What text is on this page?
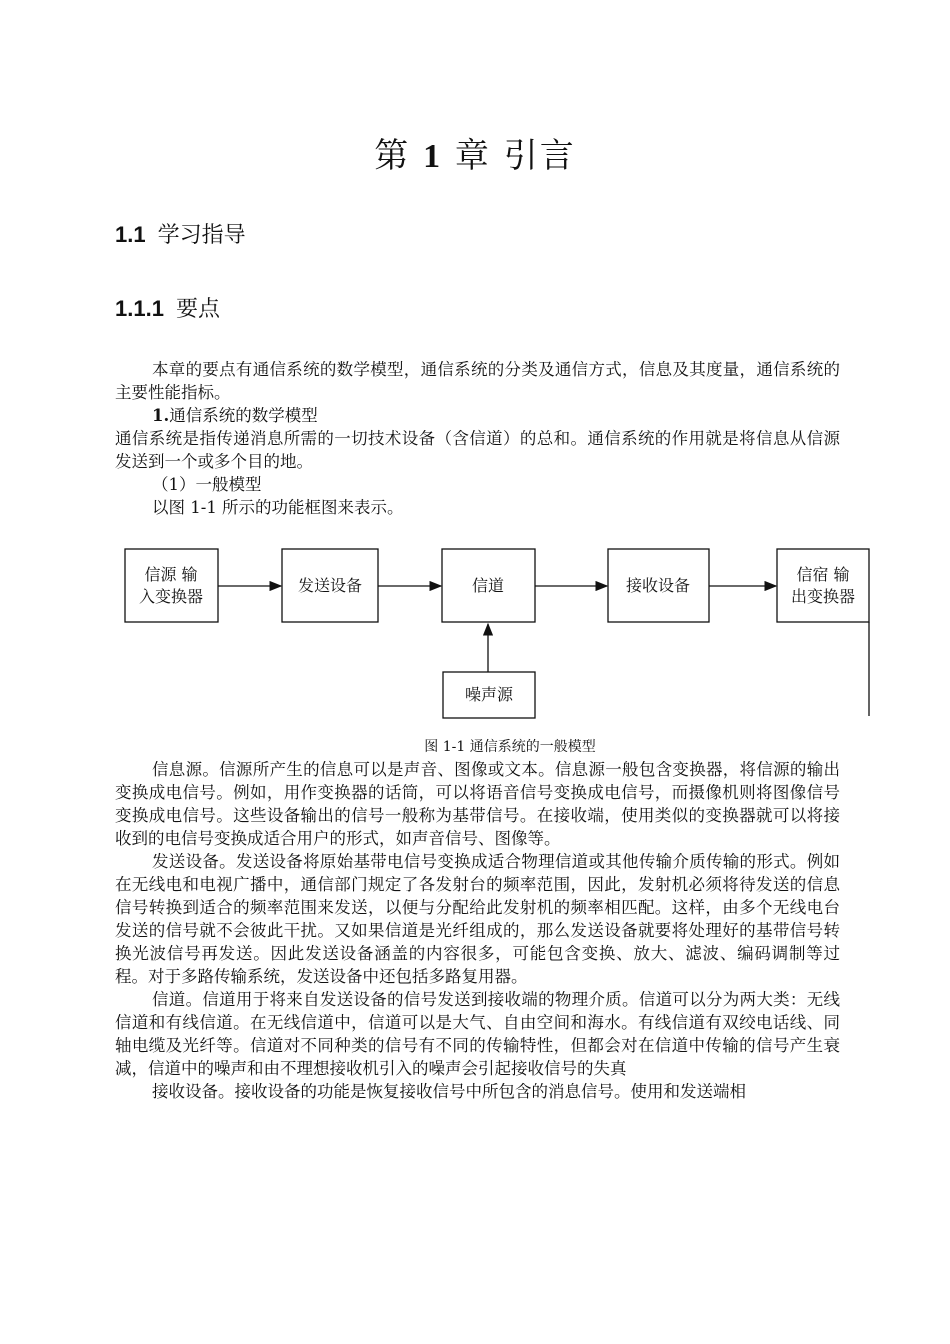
第 1 章 引言
1.1 学习指导
1.1.1 要点

本章的要点有通信系统的数学模型，通信系统的分类及通信方式，信息及其度量，通信系统的主要性能指标。

1.通信系统的数学模型

通信系统是指传递消息所需的一切技术设备（含信道）的总和。通信系统的作用就是将信息从信源发送到一个或多个目的地。

（1）一般模型

以图 1-1 所示的功能框图来表示。

信源 输
入变换器
发送设备	信道	接收设备
信宿 输
出变换器
噪声源
图 1-1 通信系统的一般模型

信息源。信源所产生的信息可以是声音、图像或文本。信息源一般包含变换器，将信源的输出变换成电信号。例如，用作变换器的话筒，可以将语音信号变换成电信号，而摄像机则将图像信号变换成电信号。这些设备输出的信号一般称为基带信号。在接收端，使用类似的变换器就可以将接收到的电信号变换成适合用户的形式，如声音信号、图像等。

发送设备。发送设备将原始基带电信号变换成适合物理信道或其他传输介质传输的形式。例如在无线电和电视广播中，通信部门规定了各发射台的频率范围，因此，发射机必须将待发送的信息信号转换到适合的频率范围来发送，以便与分配给此发射机的频率相匹配。这样，由多个无线电台发送的信号就不会彼此干扰。又如果信道是光纤组成的，那么发送设备就要将处理好的基带信号转换光波信号再发送。因此发送设备涵盖的内容很多，可能包含变换、放大、滤波、编码调制等过程。对于多路传输系统，发送设备中还包括多路复用器。

信道。信道用于将来自发送设备的信号发送到接收端的物理介质。信道可以分为两大类：无线信道和有线信道。在无线信道中，信道可以是大气、自由空间和海水。有线信道有双绞电话线、同轴电缆及光纤等。信道对不同种类的信号有不同的传输特性，但都会对在信道中传输的信号产生衰减，信道中的噪声和由不理想接收机引入的噪声会引起接收信号的失真

接收设备。接收设备的功能是恢复接收信号中所包含的消息信号。使用和发送端相
